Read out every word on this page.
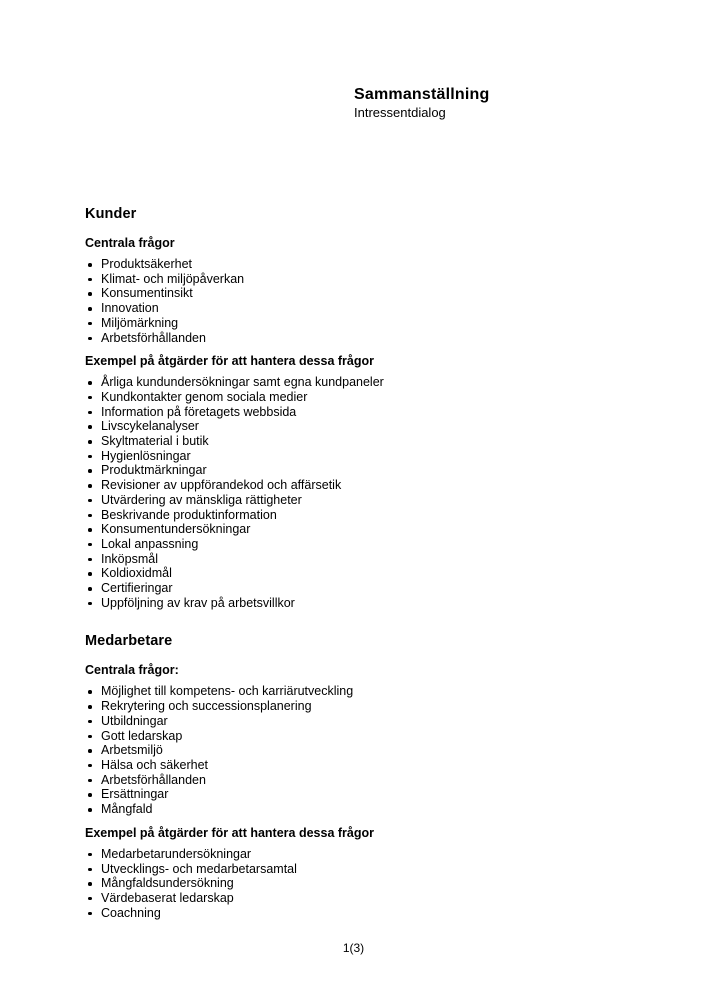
Sammanställning
Intressentdialog
Kunder
Centrala frågor
Produktsäkerhet
Klimat- och miljöpåverkan
Konsumentinsikt
Innovation
Miljömärkning
Arbetsförhållanden
Exempel på åtgärder för att hantera dessa frågor
Årliga kundundersökningar samt egna kundpaneler
Kundkontakter genom sociala medier
Information på företagets webbsida
Livscykelanalyser
Skyltmaterial i butik
Hygienlösningar
Produktmärkningar
Revisioner av uppförandekod och affärsetik
Utvärdering av mänskliga rättigheter
Beskrivande produktinformation
Konsumentundersökningar
Lokal anpassning
Inköpsmål
Koldioxidmål
Certifieringar
Uppföljning av krav på arbetsvillkor
Medarbetare
Centrala frågor:
Möjlighet till kompetens- och karriärutveckling
Rekrytering och successionsplanering
Utbildningar
Gott ledarskap
Arbetsmiljö
Hälsa och säkerhet
Arbetsförhållanden
Ersättningar
Mångfald
Exempel på åtgärder för att hantera dessa frågor
Medarbetarundersökningar
Utvecklings- och medarbetarsamtal
Mångfaldsundersökning
Värdebaserat ledarskap
Coachning
1(3)
